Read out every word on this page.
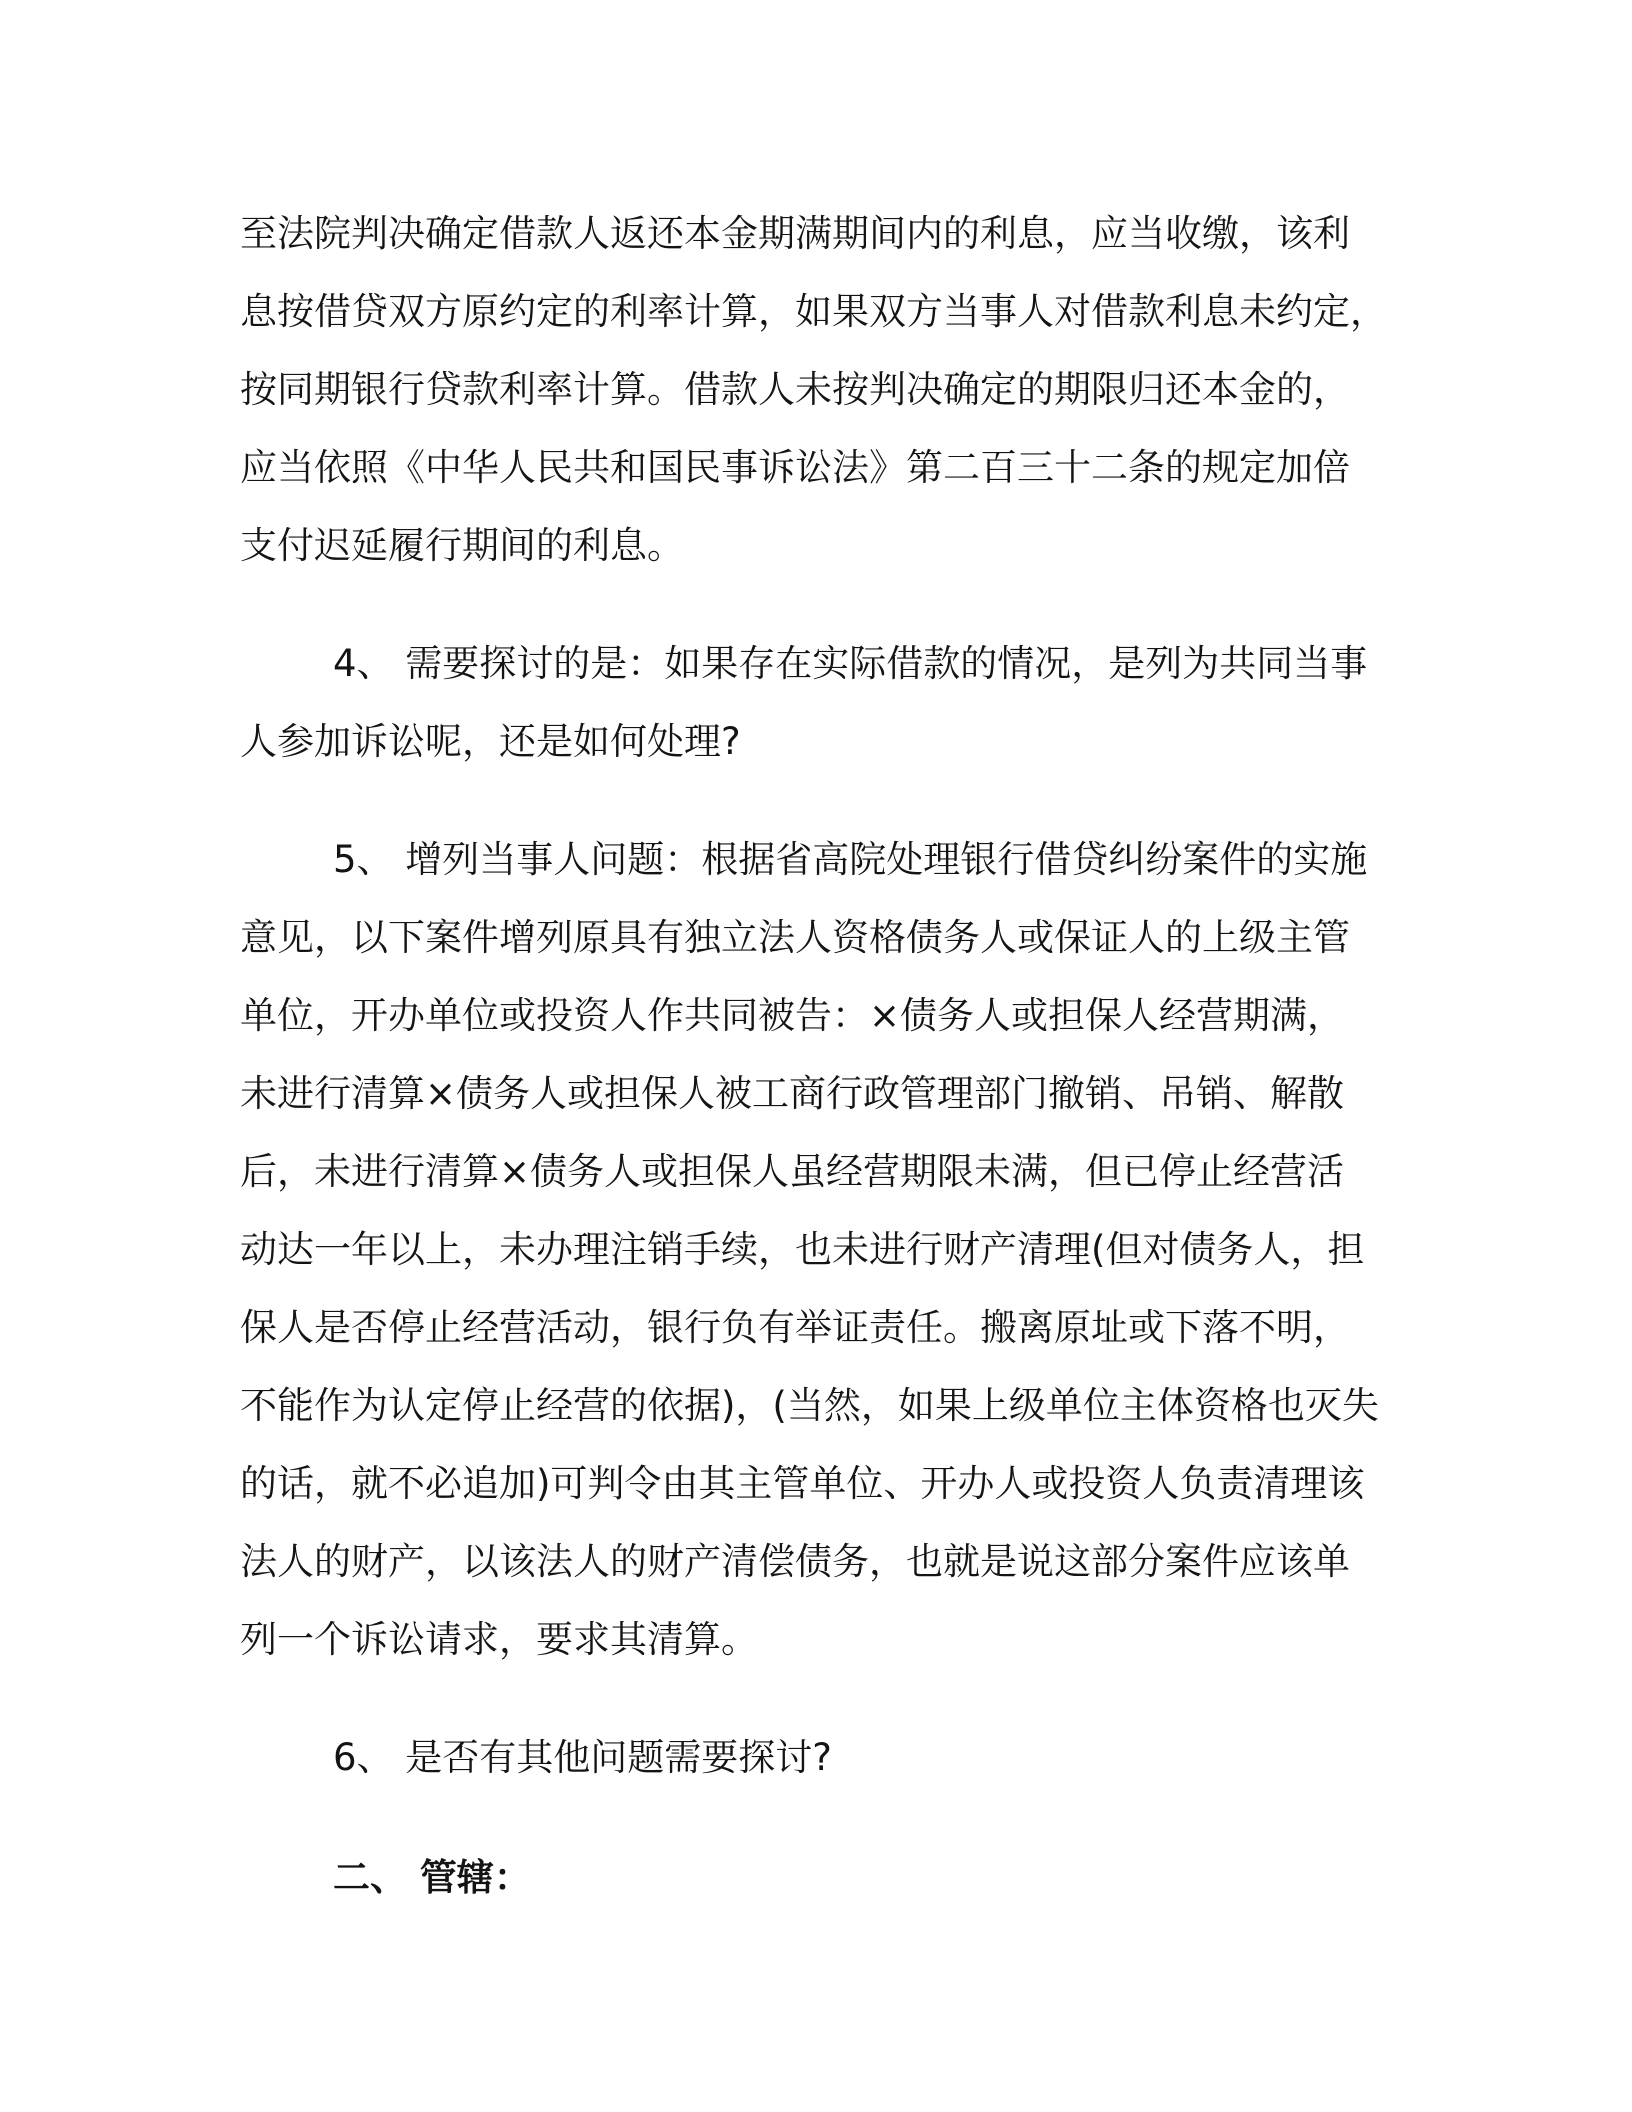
至法院判决确定借款人返还本金期满期间内的利息，应当收缴，该利
息按借贷双方原约定的利率计算，如果双方当事人对借款利息未约定，
按同期银行贷款利率计算。借款人未按判决确定的期限归还本金的，
应当依照《中华人民共和国民事诉讼法》第二百三十二条的规定加倍
支付迟延履行期间的利息。

4、 需要探讨的是：如果存在实际借款的情况，是列为共同当事
人参加诉讼呢，还是如何处理?

5、 增列当事人问题：根据省高院处理银行借贷纠纷案件的实施
意见，以下案件增列原具有独立法人资格债务人或保证人的上级主管
单位，开办单位或投资人作共同被告：×债务人或担保人经营期满，
未进行清算×债务人或担保人被工商行政管理部门撤销、吊销、解散
后，未进行清算×债务人或担保人虽经营期限未满，但已停止经营活
动达一年以上，未办理注销手续，也未进行财产清理(但对债务人，担
保人是否停止经营活动，银行负有举证责任。搬离原址或下落不明，
不能作为认定停止经营的依据)，(当然，如果上级单位主体资格也灭失
的话，就不必追加)可判令由其主管单位、开办人或投资人负责清理该
法人的财产，以该法人的财产清偿债务，也就是说这部分案件应该单
列一个诉讼请求，要求其清算。

6、 是否有其他问题需要探讨?

二、 管辖：
